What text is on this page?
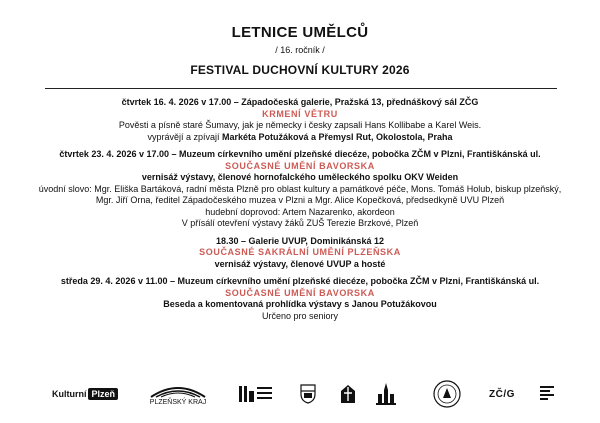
LETNICE UMĚLCŮ
/ 16. ročník /
FESTIVAL DUCHOVNÍ KULTURY 2026
čtvrtek 16. 4. 2026 v 17.00 – Západočeská galerie, Pražská 13, přednáškový sál ZČG
KRMENÍ VĚTRU
Pověsti a písně staré Šumavy, jak je německy i česky zapsali Hans Kollibabe a Karel Weis.
vyprávějí a zpívají Markéta Potužáková a Přemysl Rut, Okolostola, Praha
čtvrtek 23. 4. 2026 v 17.00 – Muzeum církevního umění plzeňské diecéze, pobočka ZČM v Plzni, Františkánská ul.
SOUČASNÉ UMĚNÍ BAVORSKA
vernisáž výstavy, členové hornofalckého uměleckého spolku OKV Weiden
úvodní slovo: Mgr. Eliška Bartáková, radní města Plzně pro oblast kultury a památkové péče, Mons. Tomáš Holub, biskup plzeňský,
Mgr. Jiří Orna, ředitel Západočeského muzea v Plzni a Mgr. Alice Kopečková, předsedkyně UVU Plzeň
hudební doprovod: Artem Nazarenko, akordeon
V přísálí otevření výstavy žáků ZUŠ Terezie Brzkové, Plzeň
18.30 – Galerie UVUP, Dominikánská 12
SOUČASNÉ SAKRÁLNÍ UMĚNÍ PLZEŇSKA
vernisáž výstavy, členové UVUP a hosté
středa 29. 4. 2026 v 11.00 – Muzeum církevního umění plzeňské diecéze, pobočka ZČM v Plzni, Františkánská ul.
SOUČASNÉ UMĚNÍ BAVORSKA
Beseda a komentovaná prohlídka výstavy s Janou Potužákovou
Určeno pro seniory
Kulturní Plzeň
PLZEŇSKÝ KRAJ
ZČ/G
